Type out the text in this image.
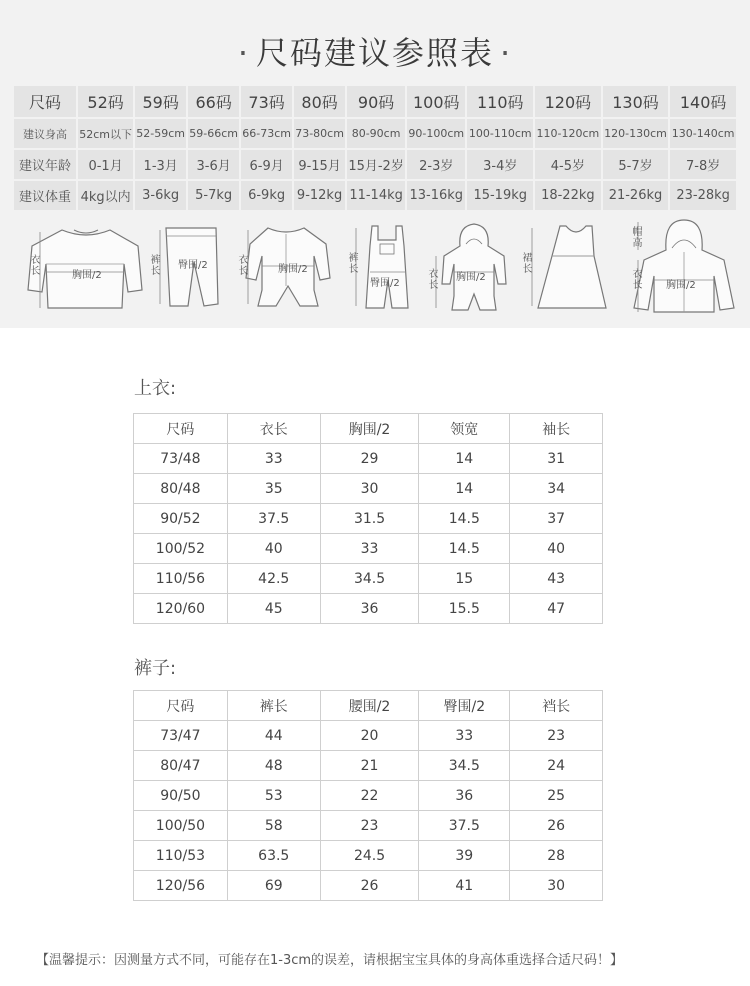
· 尺码建议参照表 ·
尺码	52码	59码	66码	73码	80码	90码	100码	110码	120码	130码	140码
建议身高	52cm以下	52-59cm	59-66cm	66-73cm	73-80cm	80-90cm	90-100cm	100-110cm	110-120cm	120-130cm	130-140cm
建议年龄	0-1月	1-3月	3-6月	6-9月	9-15月	15月-2岁	2-3岁	3-4岁	4-5岁	5-7岁	7-8岁
建议体重	4kg以内	3-6kg	5-7kg	6-9kg	9-12kg	11-14kg	13-16kg	15-19kg	18-22kg	21-26kg	23-28kg
衣长	胸围/2	裤长 臀围/2	衣长	胸围/2	裤长
臀围/2	衣长 胸围/2
裙长
帽高
衣长	胸围/2
上衣:
尺码	衣长	胸围/2	领宽	袖长
73/48	33	29	14	31
80/48	35	30	14	34
90/52	37.5	31.5	14.5	37
100/52	40	33	14.5	40
110/56	42.5	34.5	15	43
120/60	45	36	15.5	47
裤子:
尺码	裤长	腰围/2	臀围/2	裆长
73/47	44	20	33	23
80/47	48	21	34.5	24
90/50	53	22	36	25
100/50	58	23	37.5	26
110/53	63.5	24.5	39	28
120/56	69	26	41	30
【温馨提示：因测量方式不同，可能存在1-3cm的误差，请根据宝宝具体的身高体重选择合适尺码！】
